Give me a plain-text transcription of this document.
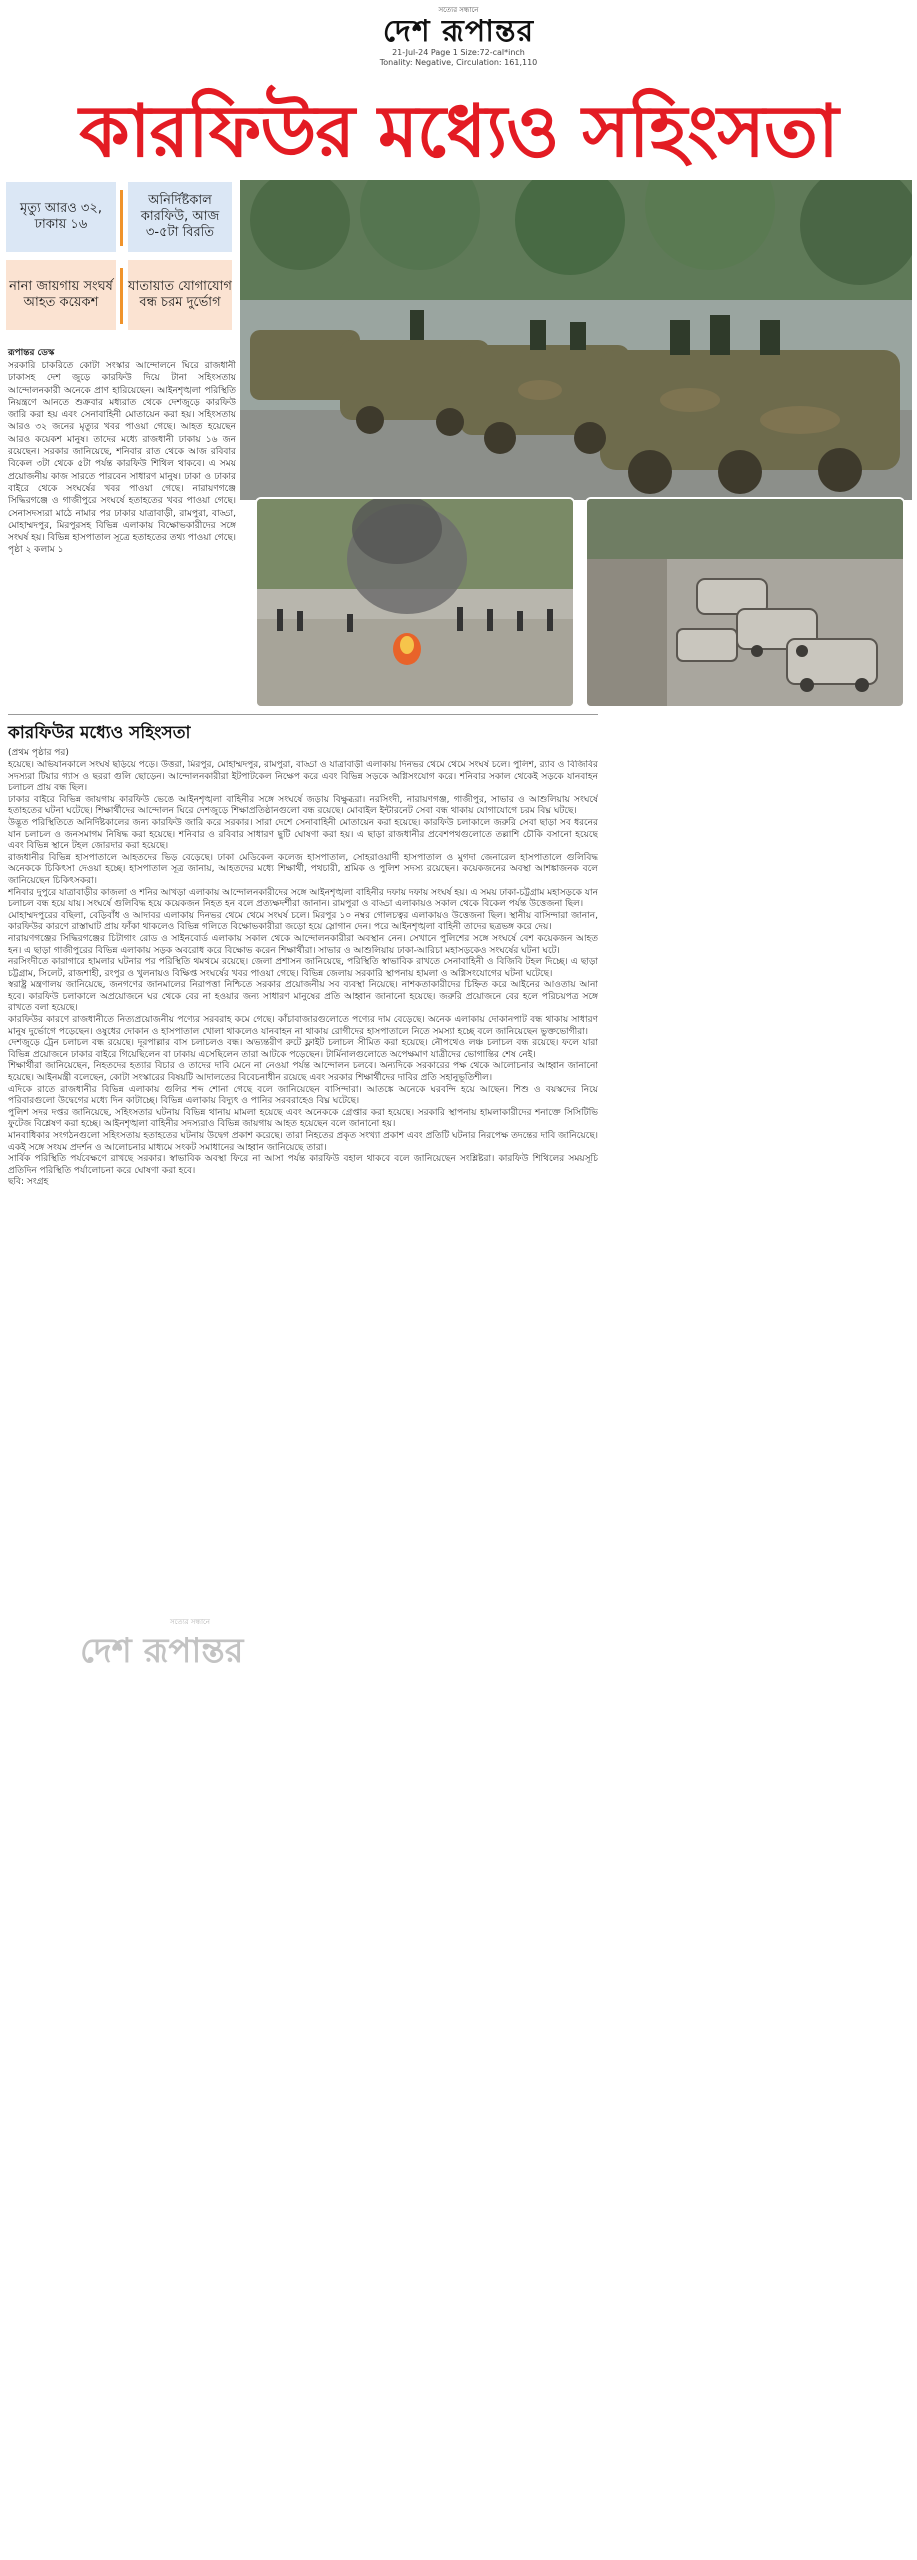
সত্যের সন্ধানে
দেশ রূপান্তর
21-Jul-24 Page 1 Size:72-cal*inch
Tonality: Negative, Circulation: 161,110
কারফিউর মধ্যেও সহিংসতা
মৃত্যু আরও ৩২, ঢাকায় ১৬
অনির্দিষ্টকাল কারফিউ, আজ ৩-৫টা বিরতি
নানা জায়গায় সংঘর্ষ আহত কয়েকশ
যাতায়াত যোগাযোগ বন্ধ চরম দুর্ভোগ
রূপান্তর ডেস্ক
সরকারি চাকরিতে কোটা সংস্কার আন্দোলনে ঘিরে রাজধানী ঢাকাসহ দেশ জুড়ে কারফিউ দিয়ে টানা সহিংসতায় আন্দোলনকারী অনেকে প্রাণ হারিয়েছেন। আইনশৃঙ্খলা পরিস্থিতি নিয়ন্ত্রণে আনতে শুক্রবার মধ্যরাত থেকে দেশজুড়ে কারফিউ জারি করা হয় এবং সেনাবাহিনী মোতায়েন করা হয়। সহিংসতায় আরও ৩২ জনের মৃত্যুর খবর পাওয়া গেছে। আহত হয়েছেন আরও কয়েকশ মানুষ। তাদের মধ্যে রাজধানী ঢাকায় ১৬ জন রয়েছেন। সরকার জানিয়েছে, শনিবার রাত থেকে আজ রবিবার বিকেল ৩টা থেকে ৫টা পর্যন্ত কারফিউ শিথিল থাকবে। এ সময় প্রয়োজনীয় কাজ সারতে পারবেন সাধারণ মানুষ। ঢাকা ও ঢাকার বাইরে থেকে সংঘর্ষের খবর পাওয়া গেছে। নারায়ণগঞ্জে সিদ্ধিরগঞ্জে ও গাজীপুরে সংঘর্ষে হতাহতের খবর পাওয়া গেছে। সেনাসদস্যরা মাঠে নামার পর ঢাকার যাত্রাবাড়ী, রামপুরা, বাড্ডা, মোহাম্মদপুর, মিরপুরসহ বিভিন্ন এলাকায় বিক্ষোভকারীদের সঙ্গে সংঘর্ষ হয়। বিভিন্ন হাসপাতাল সূত্রে হতাহতের তথ্য পাওয়া গেছে। পৃষ্ঠা ২ কলাম ১
কারফিউর মধ্যেও সহিংসতা
(প্রথম পৃষ্ঠার পর)

হয়েছে। অভিযানকালে সংঘর্ষ ছড়িয়ে পড়ে। উত্তরা, মিরপুর, মোহাম্মদপুর, রামপুরা, বাড্ডা ও যাত্রাবাড়ী এলাকায় দিনভর থেমে থেমে সংঘর্ষ চলে। পুলিশ, র‍্যাব ও বিজিবির সদস্যরা টিয়ার গ্যাস ও ছররা গুলি ছোড়েন। আন্দোলনকারীরা ইটপাটকেল নিক্ষেপ করে এবং বিভিন্ন সড়কে অগ্নিসংযোগ করে। শনিবার সকাল থেকেই সড়কে যানবাহন চলাচল প্রায় বন্ধ ছিল।

ঢাকার বাইরে বিভিন্ন জায়গায় কারফিউ ভেঙে আইনশৃঙ্খলা বাহিনীর সঙ্গে সংঘর্ষে জড়ায় বিক্ষুব্ধরা। নরসিংদী, নারায়ণগঞ্জ, গাজীপুর, সাভার ও আশুলিয়ায় সংঘর্ষে হতাহতের ঘটনা ঘটেছে। শিক্ষার্থীদের আন্দোলন ঘিরে দেশজুড়ে শিক্ষাপ্রতিষ্ঠানগুলো বন্ধ রয়েছে। মোবাইল ইন্টারনেট সেবা বন্ধ থাকায় যোগাযোগে চরম বিঘ্ন ঘটছে।

উদ্ভূত পরিস্থিতিতে অনির্দিষ্টকালের জন্য কারফিউ জারি করে সরকার। সারা দেশে সেনাবাহিনী মোতায়েন করা হয়েছে। কারফিউ চলাকালে জরুরি সেবা ছাড়া সব ধরনের যান চলাচল ও জনসমাগম নিষিদ্ধ করা হয়েছে। শনিবার ও রবিবার সাধারণ ছুটি ঘোষণা করা হয়। এ ছাড়া রাজধানীর প্রবেশপথগুলোতে তল্লাশি চৌকি বসানো হয়েছে এবং বিভিন্ন স্থানে টহল জোরদার করা হয়েছে।

রাজধানীর বিভিন্ন হাসপাতালে আহতদের ভিড় বেড়েছে। ঢাকা মেডিকেল কলেজ হাসপাতাল, সোহরাওয়ার্দী হাসপাতাল ও মুগদা জেনারেল হাসপাতালে গুলিবিদ্ধ অনেককে চিকিৎসা দেওয়া হচ্ছে। হাসপাতাল সূত্র জানায়, আহতদের মধ্যে শিক্ষার্থী, পথচারী, শ্রমিক ও পুলিশ সদস্য রয়েছেন। কয়েকজনের অবস্থা আশঙ্কাজনক বলে জানিয়েছেন চিকিৎসকরা।

শনিবার দুপুরে যাত্রাবাড়ীর কাজলা ও শনির আখড়া এলাকায় আন্দোলনকারীদের সঙ্গে আইনশৃঙ্খলা বাহিনীর দফায় দফায় সংঘর্ষ হয়। এ সময় ঢাকা-চট্টগ্রাম মহাসড়কে যান চলাচল বন্ধ হয়ে যায়। সংঘর্ষে গুলিবিদ্ধ হয়ে কয়েকজন নিহত হন বলে প্রত্যক্ষদর্শীরা জানান। রামপুরা ও বাড্ডা এলাকায়ও সকাল থেকে বিকেল পর্যন্ত উত্তেজনা ছিল।

মোহাম্মদপুরের বছিলা, বেড়িবাঁধ ও আদাবর এলাকায় দিনভর থেমে থেমে সংঘর্ষ চলে। মিরপুর ১০ নম্বর গোলচত্বর এলাকায়ও উত্তেজনা ছিল। স্থানীয় বাসিন্দারা জানান, কারফিউর কারণে রাস্তাঘাট প্রায় ফাঁকা থাকলেও বিভিন্ন গলিতে বিক্ষোভকারীরা জড়ো হয়ে স্লোগান দেন। পরে আইনশৃঙ্খলা বাহিনী তাদের ছত্রভঙ্গ করে দেয়।

নারায়ণগঞ্জের সিদ্ধিরগঞ্জের চিটাগাং রোড ও সাইনবোর্ড এলাকায় সকাল থেকে আন্দোলনকারীরা অবস্থান নেন। সেখানে পুলিশের সঙ্গে সংঘর্ষে বেশ কয়েকজন আহত হন। এ ছাড়া গাজীপুরের বিভিন্ন এলাকায় সড়ক অবরোধ করে বিক্ষোভ করেন শিক্ষার্থীরা। সাভার ও আশুলিয়ায় ঢাকা-আরিচা মহাসড়কেও সংঘর্ষের ঘটনা ঘটে।

নরসিংদীতে কারাগারে হামলার ঘটনার পর পরিস্থিতি থমথমে রয়েছে। জেলা প্রশাসন জানিয়েছে, পরিস্থিতি স্বাভাবিক রাখতে সেনাবাহিনী ও বিজিবি টহল দিচ্ছে। এ ছাড়া চট্টগ্রাম, সিলেট, রাজশাহী, রংপুর ও খুলনায়ও বিক্ষিপ্ত সংঘর্ষের খবর পাওয়া গেছে। বিভিন্ন জেলায় সরকারি স্থাপনায় হামলা ও অগ্নিসংযোগের ঘটনা ঘটেছে।

স্বরাষ্ট্র মন্ত্রণালয় জানিয়েছে, জনগণের জানমালের নিরাপত্তা নিশ্চিতে সরকার প্রয়োজনীয় সব ব্যবস্থা নিয়েছে। নাশকতাকারীদের চিহ্নিত করে আইনের আওতায় আনা হবে। কারফিউ চলাকালে অপ্রয়োজনে ঘর থেকে বের না হওয়ার জন্য সাধারণ মানুষের প্রতি আহ্বান জানানো হয়েছে। জরুরি প্রয়োজনে বের হলে পরিচয়পত্র সঙ্গে রাখতে বলা হয়েছে।

কারফিউর কারণে রাজধানীতে নিত্যপ্রয়োজনীয় পণ্যের সরবরাহ কমে গেছে। কাঁচাবাজারগুলোতে পণ্যের দাম বেড়েছে। অনেক এলাকায় দোকানপাট বন্ধ থাকায় সাধারণ মানুষ দুর্ভোগে পড়েছেন। ওষুধের দোকান ও হাসপাতাল খোলা থাকলেও যানবাহন না থাকায় রোগীদের হাসপাতালে নিতে সমস্যা হচ্ছে বলে জানিয়েছেন ভুক্তভোগীরা।

দেশজুড়ে ট্রেন চলাচল বন্ধ রয়েছে। দূরপাল্লার বাস চলাচলও বন্ধ। অভ্যন্তরীণ রুটে ফ্লাইট চলাচল সীমিত করা হয়েছে। নৌপথেও লঞ্চ চলাচল বন্ধ রয়েছে। ফলে যারা বিভিন্ন প্রয়োজনে ঢাকার বাইরে গিয়েছিলেন বা ঢাকায় এসেছিলেন তারা আটকে পড়েছেন। টার্মিনালগুলোতে অপেক্ষমাণ যাত্রীদের ভোগান্তির শেষ নেই।

শিক্ষার্থীরা জানিয়েছেন, নিহতদের হত্যার বিচার ও তাদের দাবি মেনে না নেওয়া পর্যন্ত আন্দোলন চলবে। অন্যদিকে সরকারের পক্ষ থেকে আলোচনার আহ্বান জানানো হয়েছে। আইনমন্ত্রী বলেছেন, কোটা সংস্কারের বিষয়টি আদালতের বিবেচনাধীন রয়েছে এবং সরকার শিক্ষার্থীদের দাবির প্রতি সহানুভূতিশীল।

এদিকে রাতে রাজধানীর বিভিন্ন এলাকায় গুলির শব্দ শোনা গেছে বলে জানিয়েছেন বাসিন্দারা। আতঙ্কে অনেকে ঘরবন্দি হয়ে আছেন। শিশু ও বয়স্কদের নিয়ে পরিবারগুলো উদ্বেগের মধ্যে দিন কাটাচ্ছে। বিভিন্ন এলাকায় বিদ্যুৎ ও পানির সরবরাহেও বিঘ্ন ঘটেছে।

পুলিশ সদর দপ্তর জানিয়েছে, সহিংসতার ঘটনায় বিভিন্ন থানায় মামলা হয়েছে এবং অনেককে গ্রেপ্তার করা হয়েছে। সরকারি স্থাপনায় হামলাকারীদের শনাক্তে সিসিটিভি ফুটেজ বিশ্লেষণ করা হচ্ছে। আইনশৃঙ্খলা বাহিনীর সদস্যরাও বিভিন্ন জায়গায় আহত হয়েছেন বলে জানানো হয়।

মানবাধিকার সংগঠনগুলো সহিংসতায় হতাহতের ঘটনায় উদ্বেগ প্রকাশ করেছে। তারা নিহতের প্রকৃত সংখ্যা প্রকাশ এবং প্রতিটি ঘটনার নিরপেক্ষ তদন্তের দাবি জানিয়েছে। একই সঙ্গে সংযম প্রদর্শন ও আলোচনার মাধ্যমে সংকট সমাধানের আহ্বান জানিয়েছে তারা।

সার্বিক পরিস্থিতি পর্যবেক্ষণে রাখছে সরকার। স্বাভাবিক অবস্থা ফিরে না আসা পর্যন্ত কারফিউ বহাল থাকবে বলে জানিয়েছেন সংশ্লিষ্টরা। কারফিউ শিথিলের সময়সূচি প্রতিদিন পরিস্থিতি পর্যালোচনা করে ঘোষণা করা হবে।

ছবি: সংগ্রহ

সত্যের সন্ধানে
দেশ রূপান্তর
